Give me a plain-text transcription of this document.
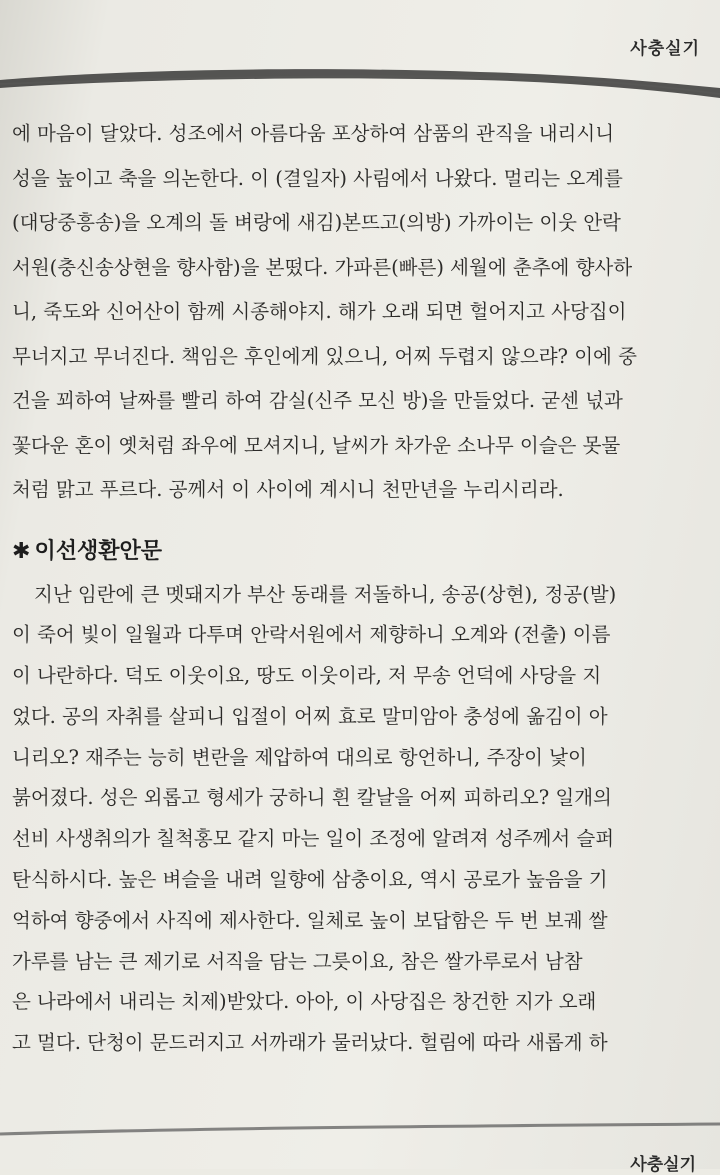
사충실기

에 마음이 달았다. 성조에서 아름다움 포상하여 삼품의 관직을 내리시니

성을 높이고 축을 의논한다. 이 (결일자) 사림에서 나왔다. 멀리는 오계를

(대당중흥송)을 오계의 돌 벼랑에 새김)본뜨고(의방) 가까이는 이웃 안락

서원(충신송상현을 향사함)을 본떴다. 가파른(빠른) 세월에 춘추에 향사하

니, 죽도와 신어산이 함께 시종해야지. 해가 오래 되면 헐어지고 사당집이

무너지고 무너진다. 책임은 후인에게 있으니, 어찌 두렵지 않으랴? 이에 중

건을 꾀하여 날짜를 빨리 하여 감실(신주 모신 방)을 만들었다. 굳센 넋과

꽃다운 혼이 옛처럼 좌우에 모셔지니, 날씨가 차가운 소나무 이슬은 못물

처럼 맑고 푸르다. 공께서 이 사이에 계시니 천만년을 누리시리라.

✱ 이선생환안문

지난 임란에 큰 멧돼지가 부산 동래를 저돌하니, 송공(상현), 정공(발)

이 죽어 빛이 일월과 다투며 안락서원에서 제향하니 오계와 (전출) 이름

이 나란하다. 덕도 이웃이요, 땅도 이웃이라, 저 무송 언덕에 사당을 지

었다. 공의 자취를 살피니 입절이 어찌 효로 말미암아 충성에 옮김이 아

니리오? 재주는 능히 변란을 제압하여 대의로 항언하니, 주장이 낯이

붉어졌다. 성은 외롭고 형세가 궁하니 흰 칼날을 어찌 피하리오? 일개의

선비 사생취의가 칠척홍모 같지 마는 일이 조정에 알려져 성주께서 슬퍼

탄식하시다. 높은 벼슬을 내려 일향에 삼충이요, 역시 공로가 높음을 기

억하여 향중에서 사직에 제사한다. 일체로 높이 보답함은 두 번 보궤 쌀

가루를 남는 큰 제기로 서직을 담는 그릇이요, 참은 쌀가루로서 남참

은 나라에서 내리는 치제)받았다. 아아, 이 사당집은 창건한 지가 오래

고 멀다. 단청이 문드러지고 서까래가 물러났다. 헐림에 따라 새롭게 하

사충실기
